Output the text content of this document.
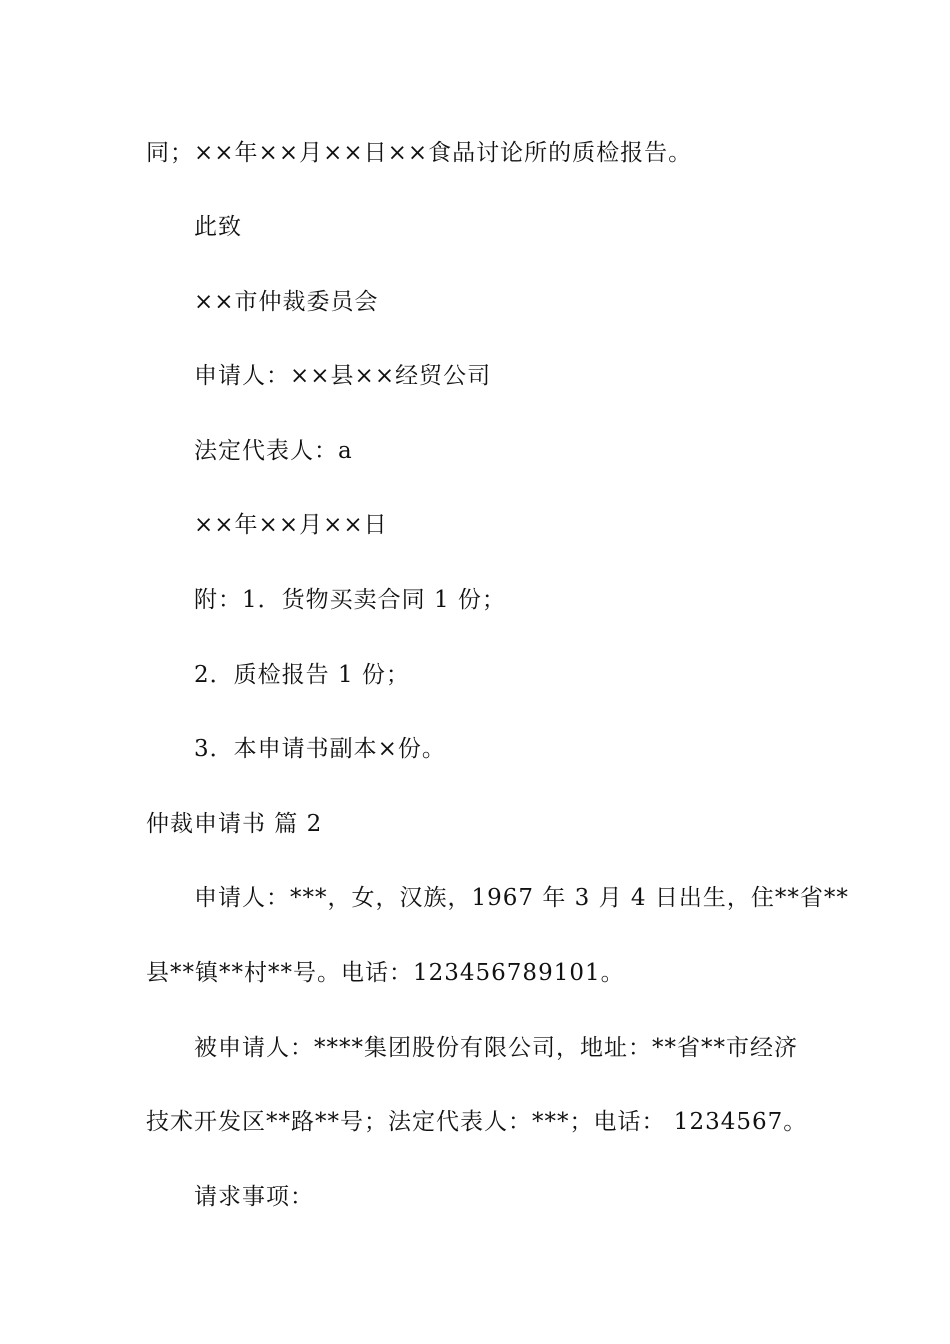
同；××年××月××日××食品讨论所的质检报告。
此致
××市仲裁委员会
申请人：××县××经贸公司
法定代表人：a
××年××月××日
附：1．货物买卖合同 1 份；
2．质检报告 1 份；
3．本申请书副本×份。
仲裁申请书 篇 2
申请人：***，女，汉族，1967 年 3 月 4 日出生，住**省**
县**镇**村**号。电话：123456789101。
被申请人：****集团股份有限公司，地址：**省**市经济
技术开发区**路**号；法定代表人：***；电话： 1234567。
请求事项：
